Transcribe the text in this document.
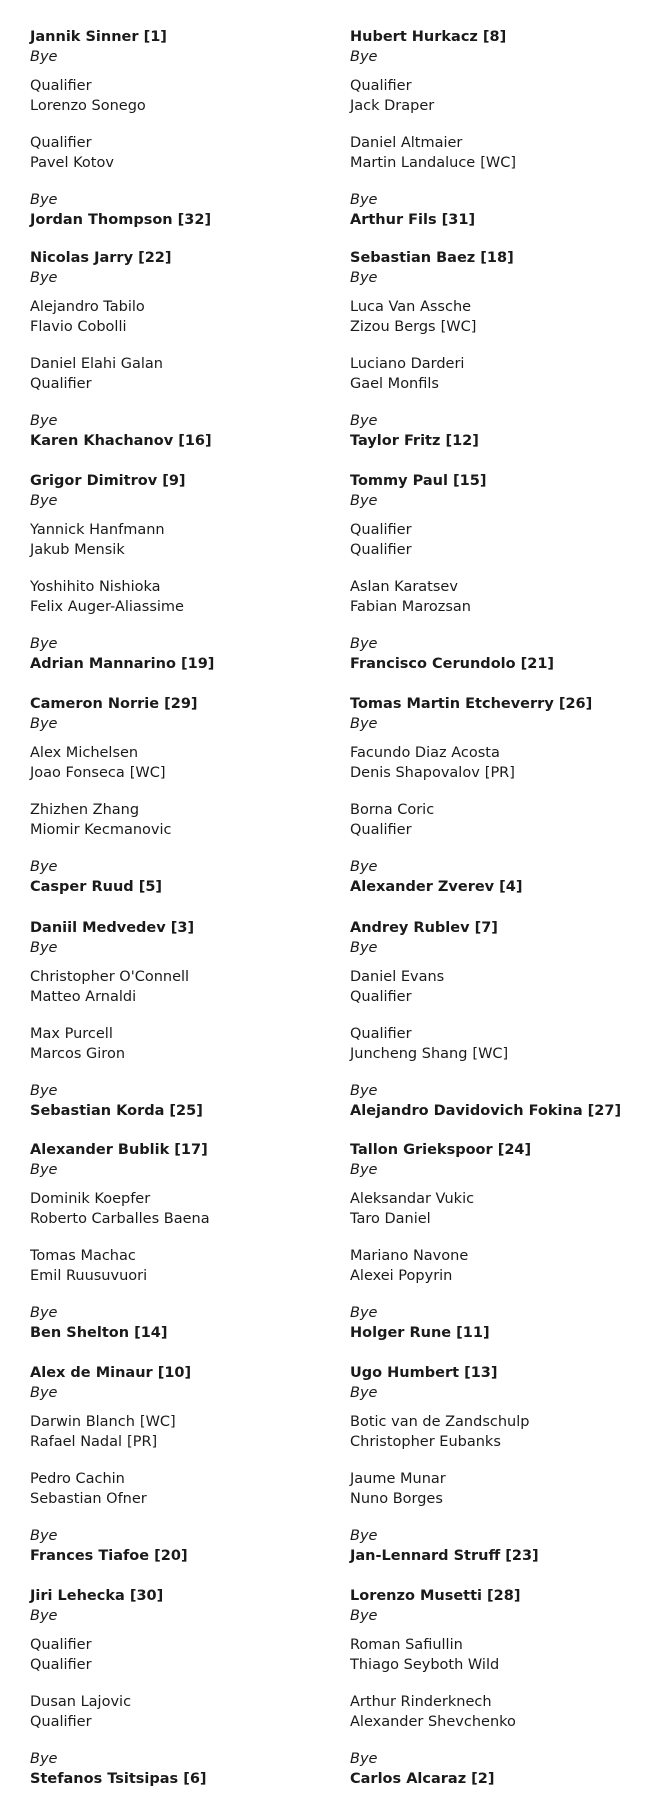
Jannik Sinner [1]
Bye
Qualifier
Lorenzo Sonego
Qualifier
Pavel Kotov
Bye
Jordan Thompson [32]
Hubert Hurkacz [8]
Bye
Qualifier
Jack Draper
Daniel Altmaier
Martin Landaluce [WC]
Bye
Arthur Fils [31]
Nicolas Jarry [22]
Bye
Alejandro Tabilo
Flavio Cobolli
Daniel Elahi Galan
Qualifier
Bye
Karen Khachanov [16]
Sebastian Baez [18]
Bye
Luca Van Assche
Zizou Bergs [WC]
Luciano Darderi
Gael Monfils
Bye
Taylor Fritz [12]
Grigor Dimitrov [9]
Bye
Yannick Hanfmann
Jakub Mensik
Yoshihito Nishioka
Felix Auger-Aliassime
Bye
Adrian Mannarino [19]
Tommy Paul [15]
Bye
Qualifier
Qualifier
Aslan Karatsev
Fabian Marozsan
Bye
Francisco Cerundolo [21]
Cameron Norrie [29]
Bye
Alex Michelsen
Joao Fonseca [WC]
Zhizhen Zhang
Miomir Kecmanovic
Bye
Casper Ruud [5]
Tomas Martin Etcheverry [26]
Bye
Facundo Diaz Acosta
Denis Shapovalov [PR]
Borna Coric
Qualifier
Bye
Alexander Zverev [4]
Daniil Medvedev [3]
Bye
Christopher O'Connell
Matteo Arnaldi
Max Purcell
Marcos Giron
Bye
Sebastian Korda [25]
Andrey Rublev [7]
Bye
Daniel Evans
Qualifier
Qualifier
Juncheng Shang [WC]
Bye
Alejandro Davidovich Fokina [27]
Alexander Bublik [17]
Bye
Dominik Koepfer
Roberto Carballes Baena
Tomas Machac
Emil Ruusuvuori
Bye
Ben Shelton [14]
Tallon Griekspoor [24]
Bye
Aleksandar Vukic
Taro Daniel
Mariano Navone
Alexei Popyrin
Bye
Holger Rune [11]
Alex de Minaur [10]
Bye
Darwin Blanch [WC]
Rafael Nadal [PR]
Pedro Cachin
Sebastian Ofner
Bye
Frances Tiafoe [20]
Ugo Humbert [13]
Bye
Botic van de Zandschulp
Christopher Eubanks
Jaume Munar
Nuno Borges
Bye
Jan-Lennard Struff [23]
Jiri Lehecka [30]
Bye
Qualifier
Qualifier
Dusan Lajovic
Qualifier
Bye
Stefanos Tsitsipas [6]
Lorenzo Musetti [28]
Bye
Roman Safiullin
Thiago Seyboth Wild
Arthur Rinderknech
Alexander Shevchenko
Bye
Carlos Alcaraz [2]
